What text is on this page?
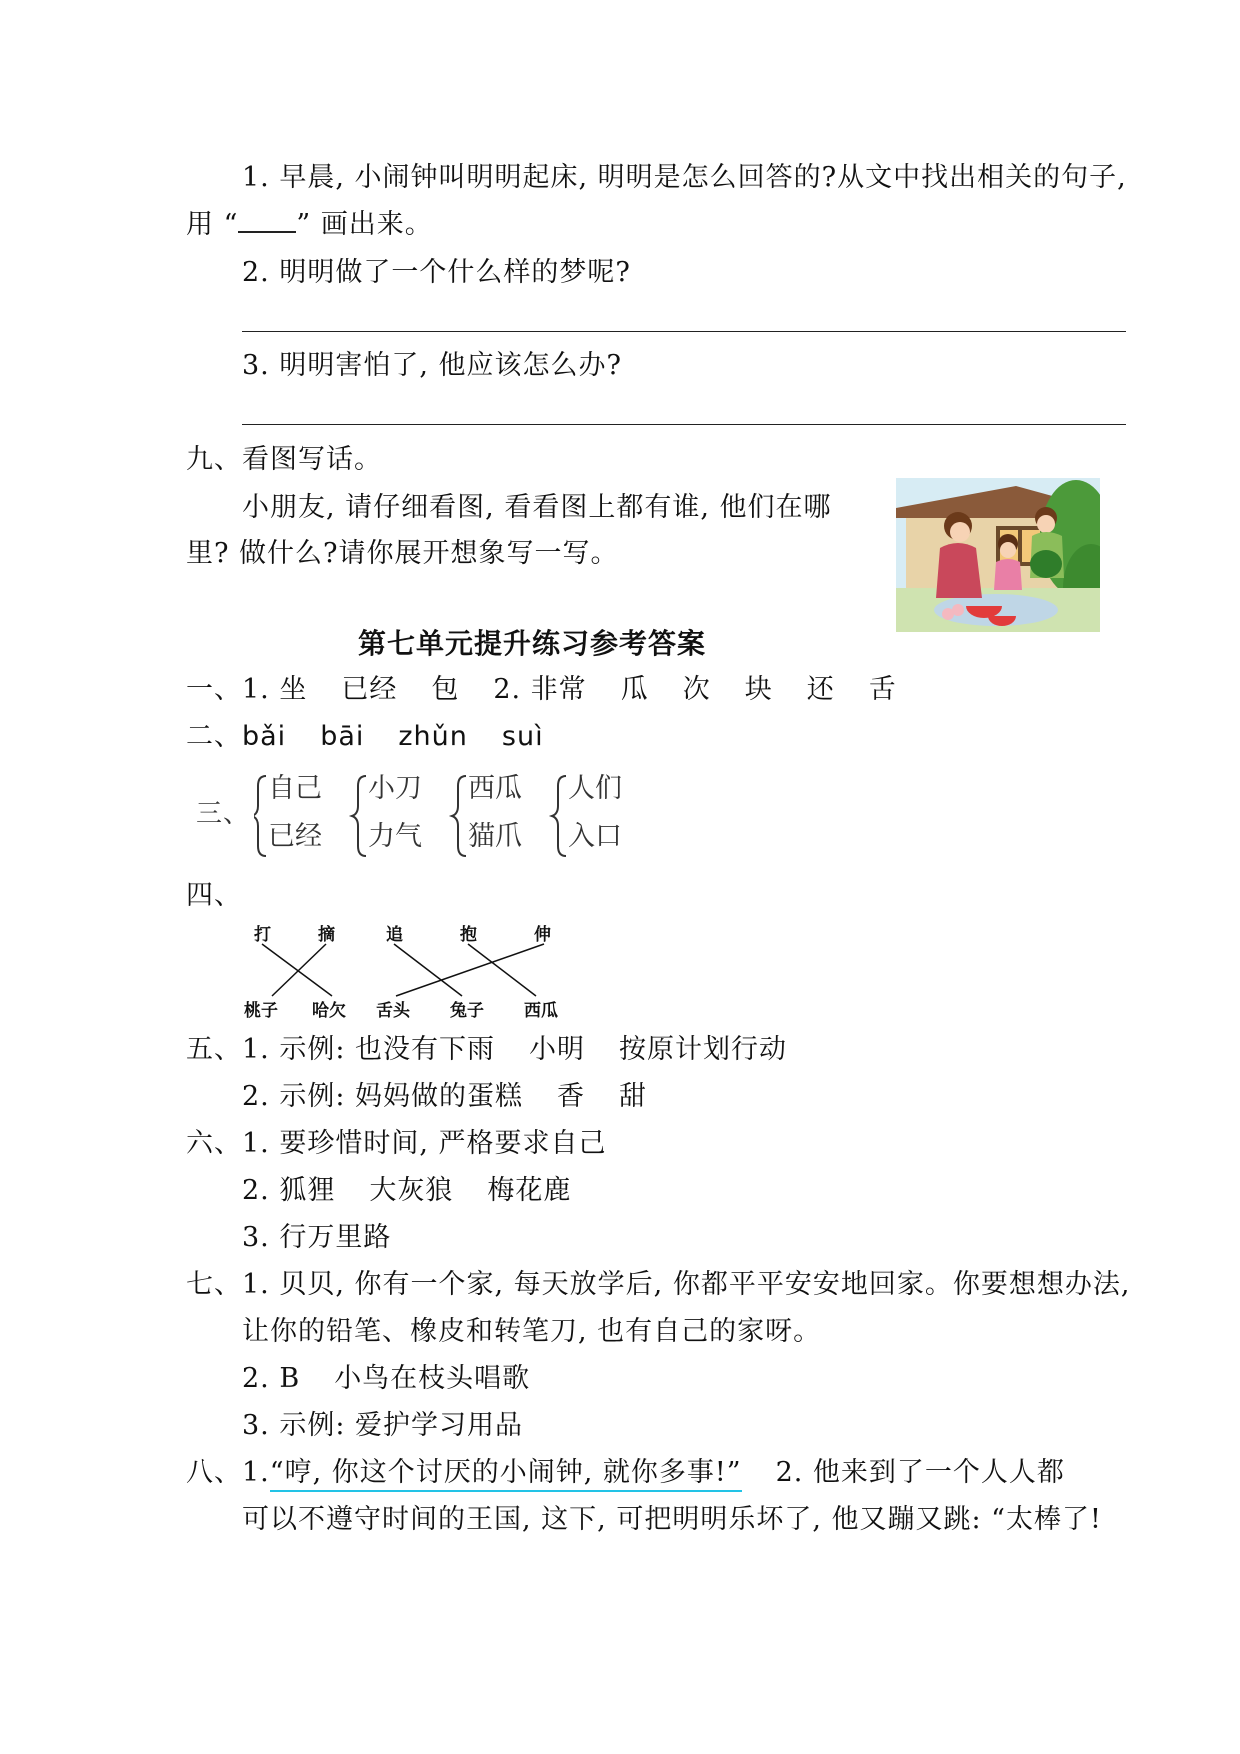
1. 早晨, 小闹钟叫明明起床, 明明是怎么回答的?从文中找出相关的句子,
用 “ ” 画出来。
2. 明明做了一个什么样的梦呢?
3. 明明害怕了, 他应该怎么办?
九、看图写话。
小朋友, 请仔细看图, 看看图上都有谁, 他们在哪
里? 做什么?请你展开想象写一写。
第七单元提升练习参考答案
一、1. 坐 已经 包 2. 非常 瓜 次 块 还 舌
二、bǎi bāi zhǔn suì
三、
自己
已经
小刀
力气
西瓜
猫爪
人们
入口
四、
打	摘	追	抱	伸
桃子 哈欠 舌头 兔子 西瓜
五、1. 示例: 也没有下雨 小明 按原计划行动
2. 示例: 妈妈做的蛋糕 香 甜
六、1. 要珍惜时间, 严格要求自己
2. 狐狸 大灰狼 梅花鹿
3. 行万里路
七、1. 贝贝, 你有一个家, 每天放学后, 你都平平安安地回家。你要想想办法,
让你的铅笔、橡皮和转笔刀, 也有自己的家呀。
2. B 小鸟在枝头唱歌
3. 示例: 爱护学习用品
八、1.“哼, 你这个讨厌的小闹钟, 就你多事!” 2. 他来到了一个人人都
可以不遵守时间的王国, 这下, 可把明明乐坏了, 他又蹦又跳: “太棒了!
